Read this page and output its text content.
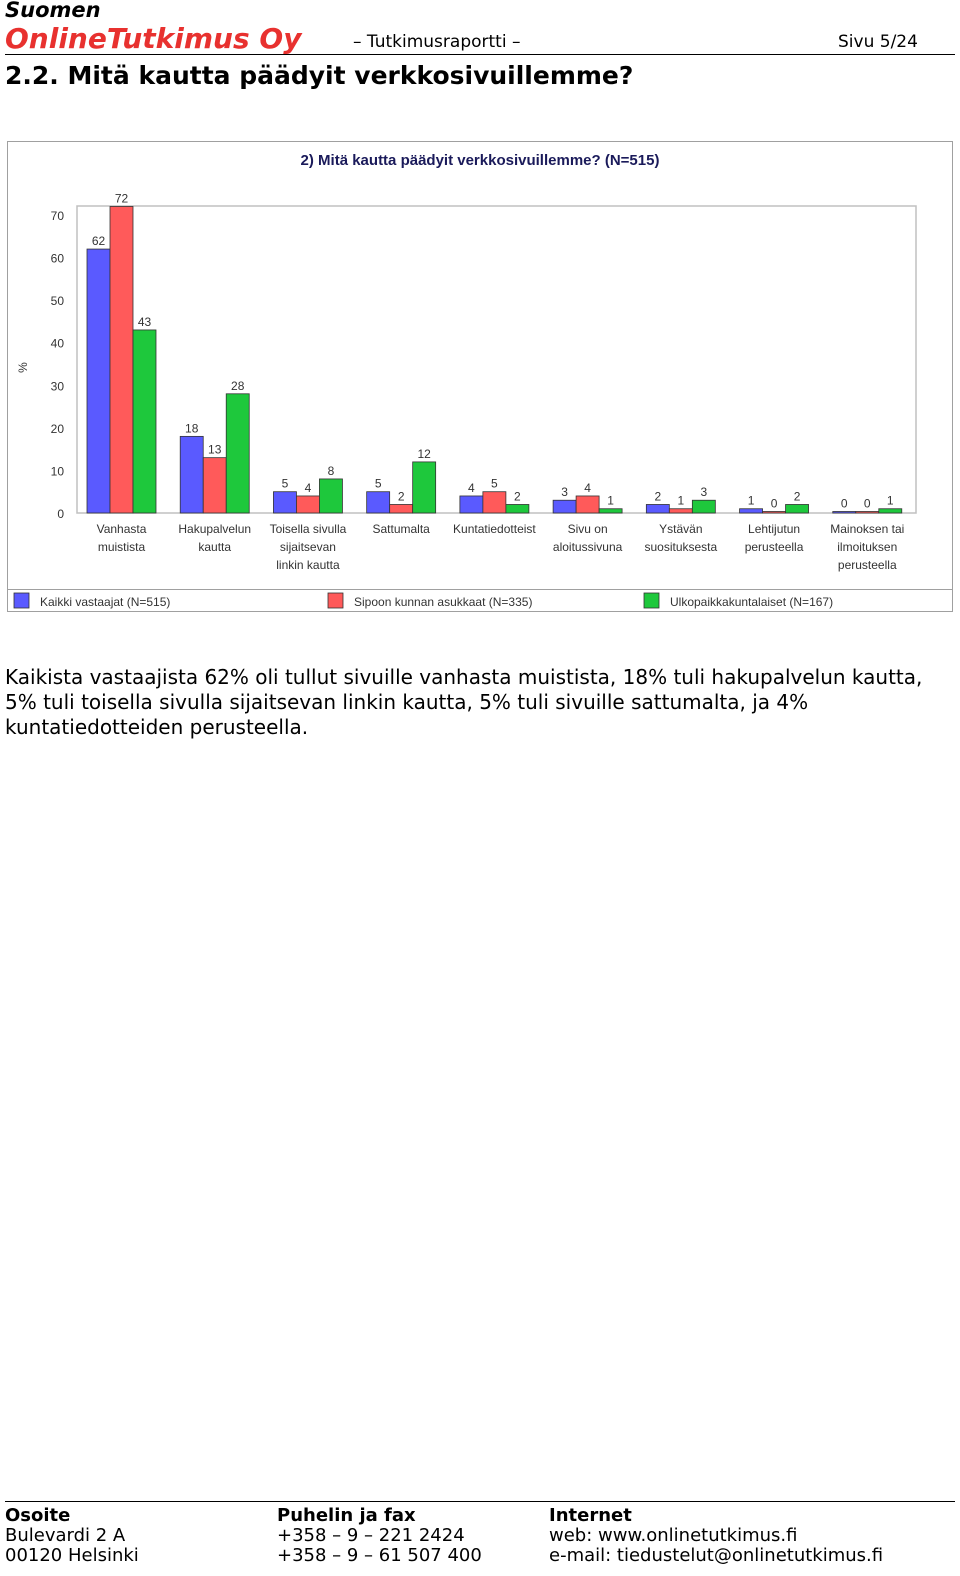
Suomen
OnlineTutkimus Oy	– Tutkimusraportti –	Sivu 5/24
2.2. Mitä kautta päädyit verkkosivuillemme?
2) Mitä kautta päädyit verkkosivuillemme? (N=515)
0
10
20
30
40
50
60
70
%
62
72
43
Vanhasta
muistista
18
13
28
Hakupalvelun
kautta
5 4
8
Toisella sivulla
sijaitsevan
linkin kautta
5
2
12
Sattumalta
4 5
2
Kuntatiedotteist
3 4
1
Sivu on
aloitussivuna
2 1
3
Ystävän
suosituksesta
1 0
2
Lehtijutun
perusteella
0 0 1
Mainoksen tai
ilmoituksen
perusteella
Kaikki vastaajat (N=515)	Sipoon kunnan asukkaat (N=335)	Ulkopaikkakuntalaiset (N=167)

Kaikista vastaajista 62% oli tullut sivuille vanhasta muistista, 18% tuli hakupalvelun kautta, 5% tuli toisella sivulla sijaitsevan linkin kautta, 5% tuli sivuille sattumalta, ja 4% kuntatiedotteiden perusteella.

Osoite
Bulevardi 2 A
00120 Helsinki
Puhelin ja fax
+358 – 9 – 221 2424
+358 – 9 – 61 507 400
Internet
web: www.onlinetutkimus.fi
e-mail: tiedustelut@onlinetutkimus.fi
